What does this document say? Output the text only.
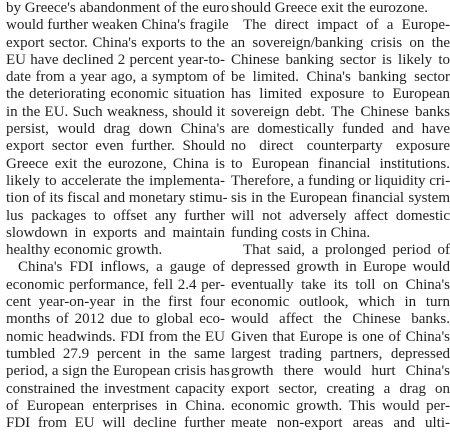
by Greece's abandonment of the euro
would further weaken China's fragile
export sector. China's exports to the
EU have declined 2 percent year-to-
date from a year ago, a symptom of
the deteriorating economic situation
in the EU. Such weakness, should it
persist, would drag down China's
export sector even further. Should
Greece exit the eurozone, China is
likely to accelerate the implementa-
tion of its fiscal and monetary stimu-
lus packages to offset any further
slowdown in exports and maintain
healthy economic growth.
China's FDI inflows, a gauge of
economic performance, fell 2.4 per-
cent year-on-year in the first four
months of 2012 due to global eco-
nomic headwinds. FDI from the EU
tumbled 27.9 percent in the same
period, a sign the European crisis has
constrained the investment capacity
of European enterprises in China.
FDI from EU will decline further
should Greece exit the eurozone.
The direct impact of a Europe-
an sovereign/banking crisis on the
Chinese banking sector is likely to
be limited. China's banking sector
has limited exposure to European
sovereign debt. The Chinese banks
are domestically funded and have
no direct counterparty exposure
to European financial institutions.
Therefore, a funding or liquidity cri-
sis in the European financial system
will not adversely affect domestic
funding costs in China.
That said, a prolonged period of
depressed growth in Europe would
eventually take its toll on China's
economic outlook, which in turn
would affect the Chinese banks.
Given that Europe is one of China's
largest trading partners, depressed
growth there would hurt China's
export sector, creating a drag on
economic growth. This would per-
meate non-export areas and ulti-
